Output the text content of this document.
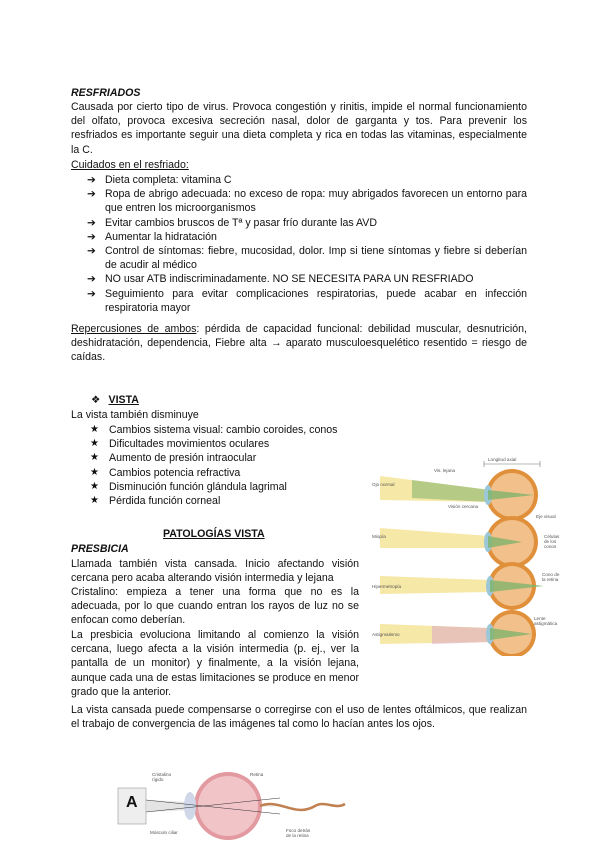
RESFRIADOS
Causada por cierto tipo de virus. Provoca congestión y rinitis, impide el normal funcionamiento del olfato, provoca excesiva secreción nasal, dolor de garganta y tos. Para prevenir los resfriados es importante seguir una dieta completa y rica en todas las vitaminas, especialmente la C.
Cuidados en el resfriado:
➔ Dieta completa: vitamina C
➔ Ropa de abrigo adecuada: no exceso de ropa: muy abrigados favorecen un entorno para que entren los microorganismos
➔ Evitar cambios bruscos de Tª y pasar frío durante las AVD
➔ Aumentar la hidratación
➔ Control de síntomas: fiebre, mucosidad, dolor. Imp si tiene síntomas y fiebre si deberían de acudir al médico
➔ NO usar ATB indiscriminadamente. NO SE NECESITA PARA UN RESFRIADO
➔ Seguimiento para evitar complicaciones respiratorias, puede acabar en infección respiratoria mayor
Repercusiones de ambos: pérdida de capacidad funcional: debilidad muscular, desnutrición, deshidratación, dependencia, Fiebre alta → aparato musculoesquelético resentido = riesgo de caídas.
❖ VISTA
La vista también disminuye
★ Cambios sistema visual: cambio coroides, conos
★ Dificultades movimientos oculares
★ Aumento de presión intraocular
★ Cambios potencia refractiva
★ Disminución función glándula lagrimal
★ Pérdida función corneal
PATOLOGÍAS VISTA
PRESBICIA
Llamada también vista cansada. Inicio afectando visión cercana pero acaba alterando visión intermedia y lejana
Cristalino: empieza a tener una forma que no es la adecuada, por lo que cuando entran los rayos de luz no se enfocan como deberían.
La presbicia evoluciona limitando al comienzo la visión cercana, luego afecta a la visión intermedia (p. ej., ver la pantalla de un monitor) y finalmente, a la visión lejana, aunque cada una de estas limitaciones se produce en menor grado que la anterior.
La vista cansada puede compensarse o corregirse con el uso de lentes oftálmicos, que realizan el trabajo de convergencia de las imágenes tal como lo hacían antes los ojos.
Vis. lejana
Longitud axial
Ojo normal
Eje visual
Visión cercana
Miopía	Células de los conos
Hipermetropía
Cono de la retina
Astigmatismo
Lente astigmática
A
Cristalino rígido
Retina
Músculo ciliar	Foco detrás de la retina
